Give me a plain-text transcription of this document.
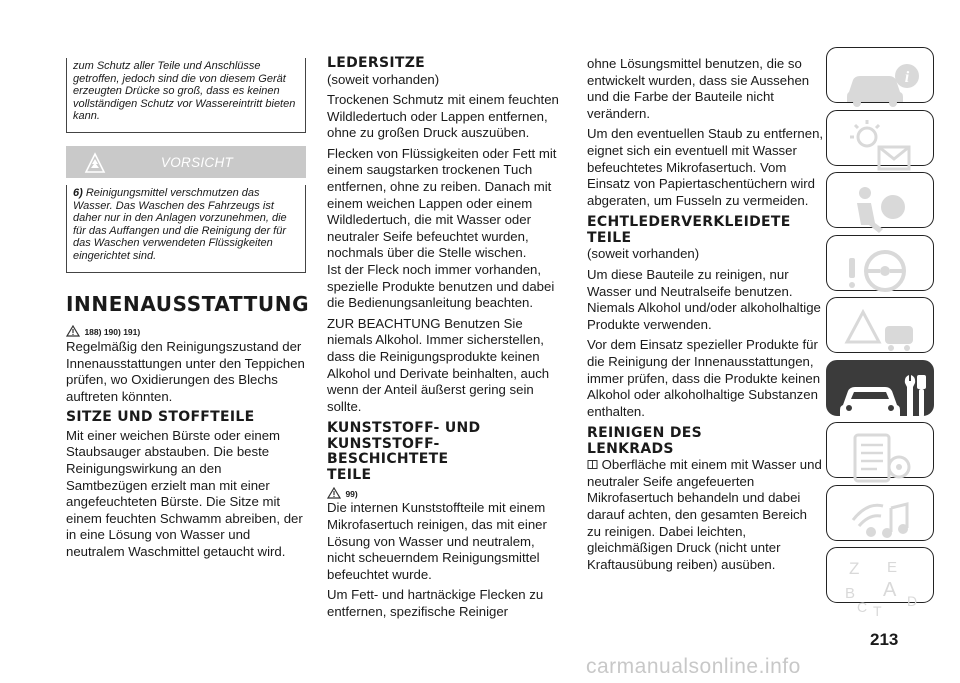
zum Schutz aller Teile und Anschlüsse getroffen, jedoch sind die von diesem Gerät erzeugten Drücke so groß, dass es keinen vollständigen Schutz vor Wassereintritt bieten kann.
VORSICHT
6) Reinigungsmittel verschmutzen das Wasser. Das Waschen des Fahrzeugs ist daher nur in den Anlagen vorzunehmen, die für das Auffangen und die Reinigung der für das Waschen verwendeten Flüssigkeiten eingerichtet sind.
INNENAUSSTATTUNG
188) 190) 191)

Regelmäßig den Reinigungszustand der Innenausstattungen unter den Teppichen prüfen, wo Oxidierungen des Blechs auftreten könnten.

SITZE UND STOFFTEILE

Mit einer weichen Bürste oder einem Staubsauger abstauben. Die beste Reinigungswirkung an den Samtbezügen erzielt man mit einer angefeuchteten Bürste. Die Sitze mit einem feuchten Schwamm abreiben, der in eine Lösung von Wasser und neutralem Waschmittel getaucht wird.

LEDERSITZE

(soweit vorhanden)

Trockenen Schmutz mit einem feuchten Wildledertuch oder Lappen entfernen, ohne zu großen Druck auszuüben.

Flecken von Flüssigkeiten oder Fett mit einem saugstarken trockenen Tuch entfernen, ohne zu reiben. Danach mit einem weichen Lappen oder einem Wildledertuch, die mit Wasser oder neutraler Seife befeuchtet wurden, nochmals über die Stelle wischen.

Ist der Fleck noch immer vorhanden, spezielle Produkte benutzen und dabei die Bedienungsanleitung beachten.

ZUR BEACHTUNG Benutzen Sie niemals Alkohol. Immer sicherstellen, dass die Reinigungsprodukte keinen Alkohol und Derivate beinhalten, auch wenn der Anteil äußerst gering sein sollte.

KUNSTSTOFF- UND
KUNSTSTOFF-
BESCHICHTETE
TEILE
99)

Die internen Kunststoffteile mit einem Mikrofasertuch reinigen, das mit einer Lösung von Wasser und neutralem, nicht scheuerndem Reinigungsmittel befeuchtet wurde.

Um Fett- und hartnäckige Flecken zu entfernen, spezifische Reiniger

ohne Lösungsmittel benutzen, die so entwickelt wurden, dass sie Aussehen und die Farbe der Bauteile nicht verändern.

Um den eventuellen Staub zu entfernen, eignet sich ein eventuell mit Wasser befeuchtetes Mikrofasertuch. Vom Einsatz von Papiertaschentüchern wird abgeraten, um Fusseln zu vermeiden.

ECHTLEDERVERKLEIDETE
TEILE

(soweit vorhanden)

Um diese Bauteile zu reinigen, nur Wasser und Neutralseife benutzen. Niemals Alkohol und/oder alkoholhaltige Produkte verwenden.

Vor dem Einsatz spezieller Produkte für die Reinigung der Innenausstattungen, immer prüfen, dass die Produkte keinen Alkohol oder alkoholhaltige Substanzen enthalten.

REINIGEN DES
LENKRADS

Oberfläche mit einem mit Wasser und neutraler Seife angefeuerten Mikrofasertuch behandeln und dabei darauf achten, den gesamten Bereich zu reinigen. Dabei leichten, gleichmäßigen Druck (nicht unter Kraftausübung reiben) ausüben.

i
Z E
B A
C	D
T
213
carmanualsonline.info
